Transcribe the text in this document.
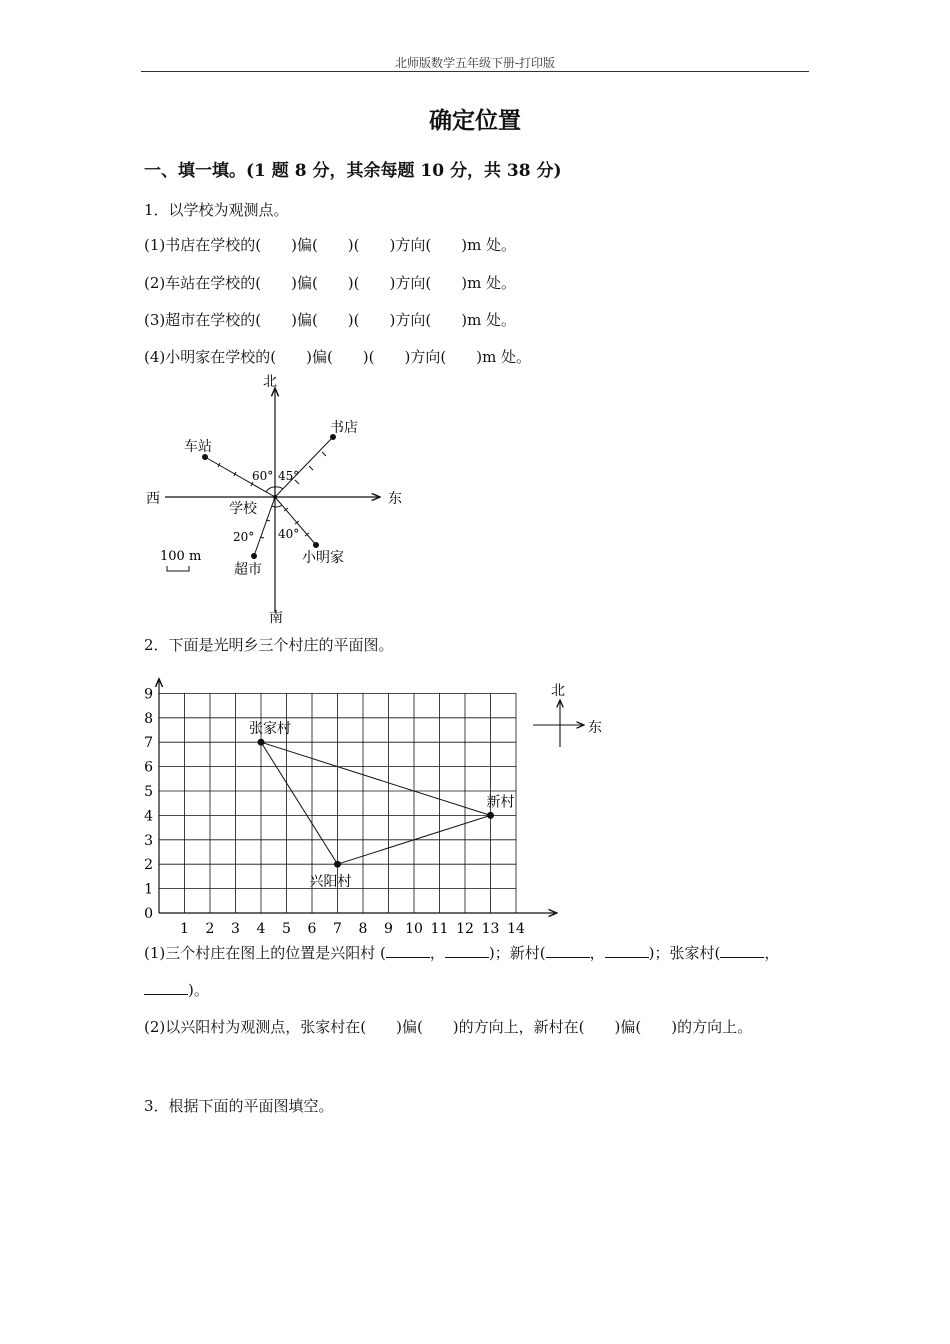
北师版数学五年级下册-打印版
确定位置
一、填一填。(1 题 8 分，其余每题 10 分，共 38 分)
1．以学校为观测点。
(1)书店在学校的(　　)偏(　　)(　　)方向(　　)m 处。
(2)车站在学校的(　　)偏(　　)(　　)方向(　　)m 处。
(3)超市在学校的(　　)偏(　　)(　　)方向(　　)m 处。
(4)小明家在学校的(　　)偏(　　)(　　)方向(　　)m 处。
北
南
东
西
书店
车站
学校
超市
小明家
60° 45°
20° 40°
100 m
2．下面是光明乡三个村庄的平面图。
1 2 3 4 5 6 7 8 9 10 11 12 13 14
0
1
2
3
4
5
6
7
8
9
张家村
新村
兴阳村
北
东
(1)三个村庄在图上的位置是兴阳村 (	，	)；新村(	，	)；张家村(	，)。
(2)以兴阳村为观测点，张家村在(　　)偏(　　)的方向上，新村在(　　)偏(　　)的方向上。
3．根据下面的平面图填空。
